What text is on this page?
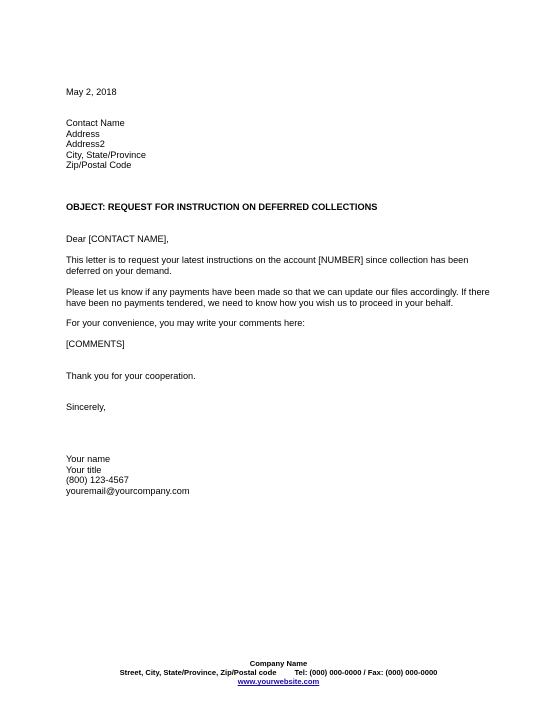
May 2, 2018
Contact Name
Address
Address2
City, State/Province
Zip/Postal Code
OBJECT: REQUEST FOR INSTRUCTION ON DEFERRED COLLECTIONS
Dear [CONTACT NAME],
This letter is to request your latest instructions on the account [NUMBER] since collection has been
deferred on your demand.
Please let us know if any payments have been made so that we can update our files accordingly. If there
have been no payments tendered, we need to know how you wish us to proceed in your behalf.
For your convenience, you may write your comments here:
[COMMENTS]
Thank you for your cooperation.
Sincerely,
Your name
Your title
(800) 123-4567
youremail@yourcompany.com
Company Name
Street, City, State/Province, Zip/Postal code Tel: (000) 000-0000 / Fax: (000) 000-0000
www.yourwebsite.com
